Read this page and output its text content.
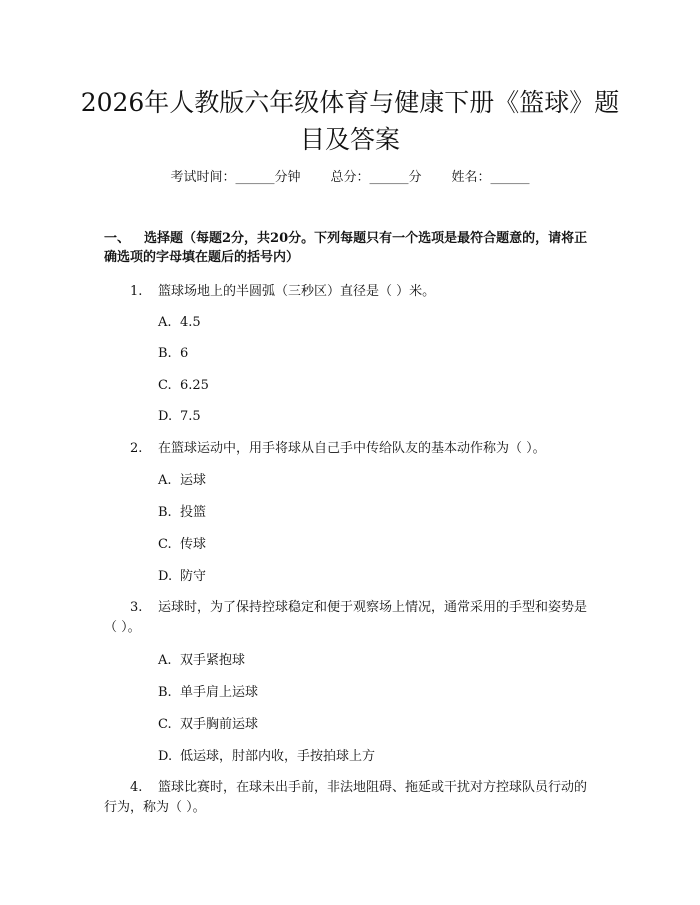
2026年人教版六年级体育与健康下册《篮球》题目及答案
考试时间：______分钟 总分：______分 姓名：______
一、 选择题（每题2分，共20分。下列每题只有一个选项是最符合题意的，请将正确选项的字母填在题后的括号内）
1. 篮球场地上的半圆弧（三秒区）直径是（ ）米。
A. 4.5
B. 6
C. 6.25
D. 7.5
2. 在篮球运动中，用手将球从自己手中传给队友的基本动作称为（ ）。
A. 运球
B. 投篮
C. 传球
D. 防守
3. 运球时，为了保持控球稳定和便于观察场上情况，通常采用的手型和姿势是（ ）。
A. 双手紧抱球
B. 单手肩上运球
C. 双手胸前运球
D. 低运球，肘部内收，手按拍球上方
4. 篮球比赛时，在球未出手前，非法地阻碍、拖延或干扰对方控球队员行动的行为，称为（ ）。
